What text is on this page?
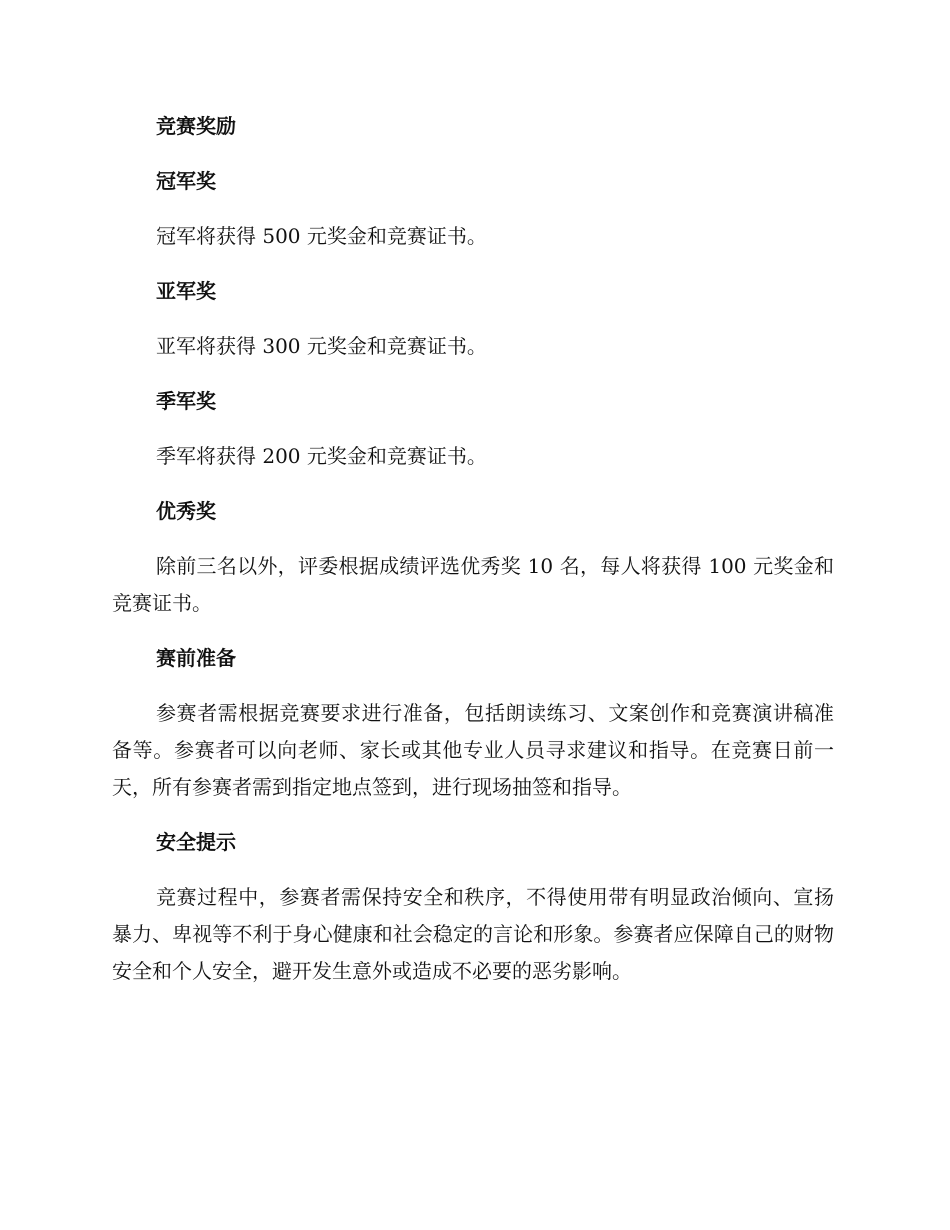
竞赛奖励
冠军奖

冠军将获得 500 元奖金和竞赛证书。

亚军奖

亚军将获得 300 元奖金和竞赛证书。

季军奖

季军将获得 200 元奖金和竞赛证书。

优秀奖

除前三名以外，评委根据成绩评选优秀奖 10 名，每人将获得 100 元奖金和竞赛证书。

赛前准备

参赛者需根据竞赛要求进行准备，包括朗读练习、文案创作和竞赛演讲稿准备等。参赛者可以向老师、家长或其他专业人员寻求建议和指导。在竞赛日前一天，所有参赛者需到指定地点签到，进行现场抽签和指导。

安全提示

竞赛过程中，参赛者需保持安全和秩序，不得使用带有明显政治倾向、宣扬暴力、卑视等不利于身心健康和社会稳定的言论和形象。参赛者应保障自己的财物安全和个人安全，避开发生意外或造成不必要的恶劣影响。
